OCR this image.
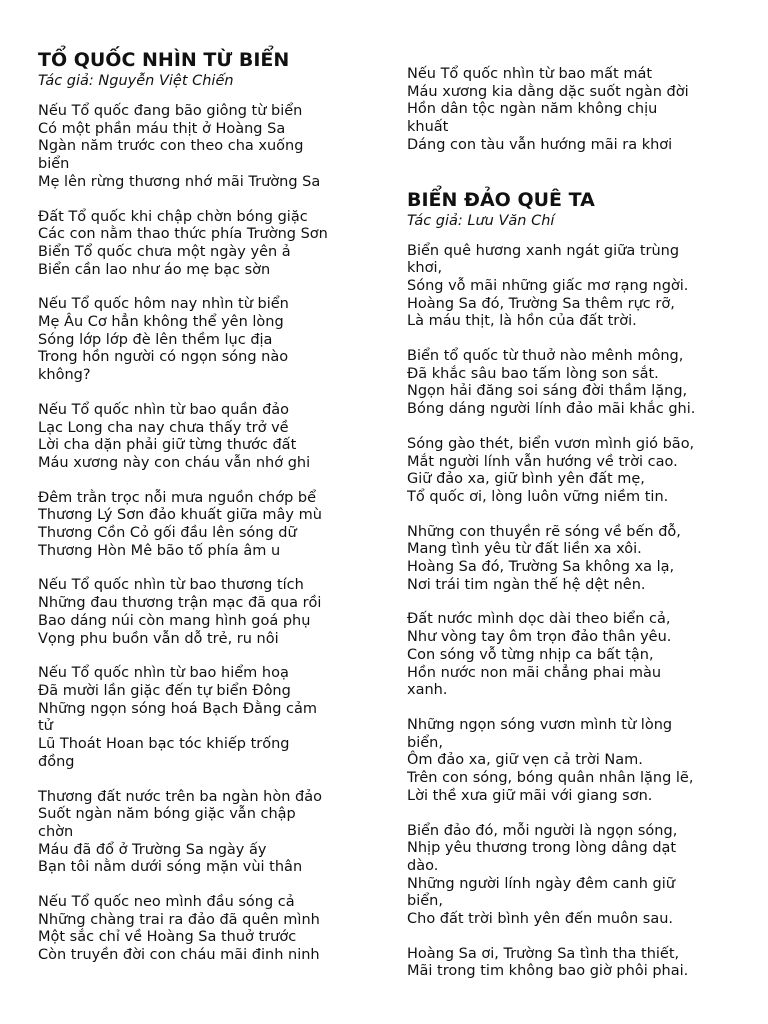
TỔ QUỐC NHÌN TỪ BIỂN

Tác giả: Nguyễn Việt Chiến

Nếu Tổ quốc đang bão giông từ biển
Có một phần máu thịt ở Hoàng Sa
Ngàn năm trước con theo cha xuống
biển
Mẹ lên rừng thương nhớ mãi Trường Sa
Đất Tổ quốc khi chập chờn bóng giặc
Các con nằm thao thức phía Trường Sơn
Biển Tổ quốc chưa một ngày yên ả
Biển cần lao như áo mẹ bạc sờn
Nếu Tổ quốc hôm nay nhìn từ biển
Mẹ Âu Cơ hẳn không thể yên lòng
Sóng lớp lớp đè lên thềm lục địa
Trong hồn người có ngọn sóng nào
không?
Nếu Tổ quốc nhìn từ bao quần đảo
Lạc Long cha nay chưa thấy trở về
Lời cha dặn phải giữ từng thước đất
Máu xương này con cháu vẫn nhớ ghi
Đêm trằn trọc nỗi mưa nguồn chớp bể
Thương Lý Sơn đảo khuất giữa mây mù
Thương Cồn Cỏ gối đầu lên sóng dữ
Thương Hòn Mê bão tố phía âm u
Nếu Tổ quốc nhìn từ bao thương tích
Những đau thương trận mạc đã qua rồi
Bao dáng núi còn mang hình goá phụ
Vọng phu buồn vẫn dỗ trẻ, ru nôi
Nếu Tổ quốc nhìn từ bao hiểm hoạ
Đã mười lần giặc đến tự biển Đông
Những ngọn sóng hoá Bạch Đằng cảm
tử
Lũ Thoát Hoan bạc tóc khiếp trống
đồng
Thương đất nước trên ba ngàn hòn đảo
Suốt ngàn năm bóng giặc vẫn chập
chờn
Máu đã đổ ở Trường Sa ngày ấy
Bạn tôi nằm dưới sóng mặn vùi thân
Nếu Tổ quốc neo mình đầu sóng cả
Những chàng trai ra đảo đã quên mình
Một sắc chỉ về Hoàng Sa thuở trước
Còn truyền đời con cháu mãi đinh ninh
Nếu Tổ quốc nhìn từ bao mất mát
Máu xương kia dằng dặc suốt ngàn đời
Hồn dân tộc ngàn năm không chịu
khuất
Dáng con tàu vẫn hướng mãi ra khơi
BIỂN ĐẢO QUÊ TA

Tác giả: Lưu Văn Chí

Biển quê hương xanh ngát giữa trùng
khơi,
Sóng vỗ mãi những giấc mơ rạng ngời.
Hoàng Sa đó, Trường Sa thêm rực rỡ,
Là máu thịt, là hồn của đất trời.
Biển tổ quốc từ thuở nào mênh mông,
Đã khắc sâu bao tấm lòng son sắt.
Ngọn hải đăng soi sáng đời thầm lặng,
Bóng dáng người lính đảo mãi khắc ghi.
Sóng gào thét, biển vươn mình gió bão,
Mắt người lính vẫn hướng về trời cao.
Giữ đảo xa, giữ bình yên đất mẹ,
Tổ quốc ơi, lòng luôn vững niềm tin.
Những con thuyền rẽ sóng về bến đỗ,
Mang tình yêu từ đất liền xa xôi.
Hoàng Sa đó, Trường Sa không xa lạ,
Nơi trái tim ngàn thế hệ dệt nên.
Đất nước mình dọc dài theo biển cả,
Như vòng tay ôm trọn đảo thân yêu.
Con sóng vỗ từng nhịp ca bất tận,
Hồn nước non mãi chẳng phai màu
xanh.
Những ngọn sóng vươn mình từ lòng
biển,
Ôm đảo xa, giữ vẹn cả trời Nam.
Trên con sóng, bóng quân nhân lặng lẽ,
Lời thề xưa giữ mãi với giang sơn.
Biển đảo đó, mỗi người là ngọn sóng,
Nhịp yêu thương trong lòng dâng dạt
dào.
Những người lính ngày đêm canh giữ
biển,
Cho đất trời bình yên đến muôn sau.
Hoàng Sa ơi, Trường Sa tình tha thiết,
Mãi trong tim không bao giờ phôi phai.
